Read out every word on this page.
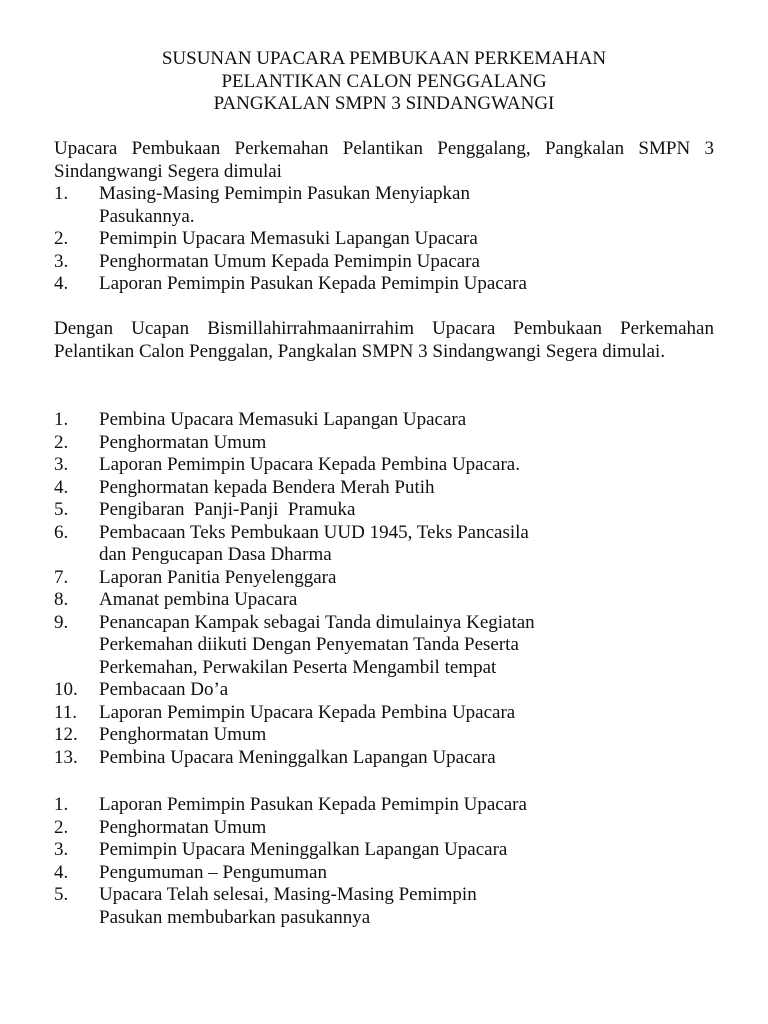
SUSUNAN UPACARA PEMBUKAAN PERKEMAHAN
PELANTIKAN CALON PENGGALANG
PANGKALAN SMPN 3 SINDANGWANGI
Upacara Pembukaan Perkemahan Pelantikan Penggalang, Pangkalan SMPN 3 Sindangwangi Segera dimulai
1. Masing-Masing Pemimpin Pasukan Menyiapkan
Pasukannya.
2. Pemimpin Upacara Memasuki Lapangan Upacara
3. Penghormatan Umum Kepada Pemimpin Upacara
4. Laporan Pemimpin Pasukan Kepada Pemimpin Upacara
Dengan Ucapan Bismillahirrahmaanirrahim Upacara Pembukaan Perkemahan Pelantikan Calon Penggalan, Pangkalan SMPN 3 Sindangwangi Segera dimulai.
1. Pembina Upacara Memasuki Lapangan Upacara
2. Penghormatan Umum
3. Laporan Pemimpin Upacara Kepada Pembina Upacara.
4. Penghormatan kepada Bendera Merah Putih
5. Pengibaran  Panji-Panji  Pramuka
6. Pembacaan Teks Pembukaan UUD 1945, Teks Pancasila
dan Pengucapan Dasa Dharma
7. Laporan Panitia Penyelenggara
8. Amanat pembina Upacara
9. Penancapan Kampak sebagai Tanda dimulainya Kegiatan
Perkemahan diikuti Dengan Penyematan Tanda Peserta
Perkemahan, Perwakilan Peserta Mengambil tempat
10. Pembacaan Do’a
11. Laporan Pemimpin Upacara Kepada Pembina Upacara
12. Penghormatan Umum
13. Pembina Upacara Meninggalkan Lapangan Upacara
1. Laporan Pemimpin Pasukan Kepada Pemimpin Upacara
2. Penghormatan Umum
3. Pemimpin Upacara Meninggalkan Lapangan Upacara
4. Pengumuman – Pengumuman
5. Upacara Telah selesai, Masing-Masing Pemimpin
Pasukan membubarkan pasukannya
